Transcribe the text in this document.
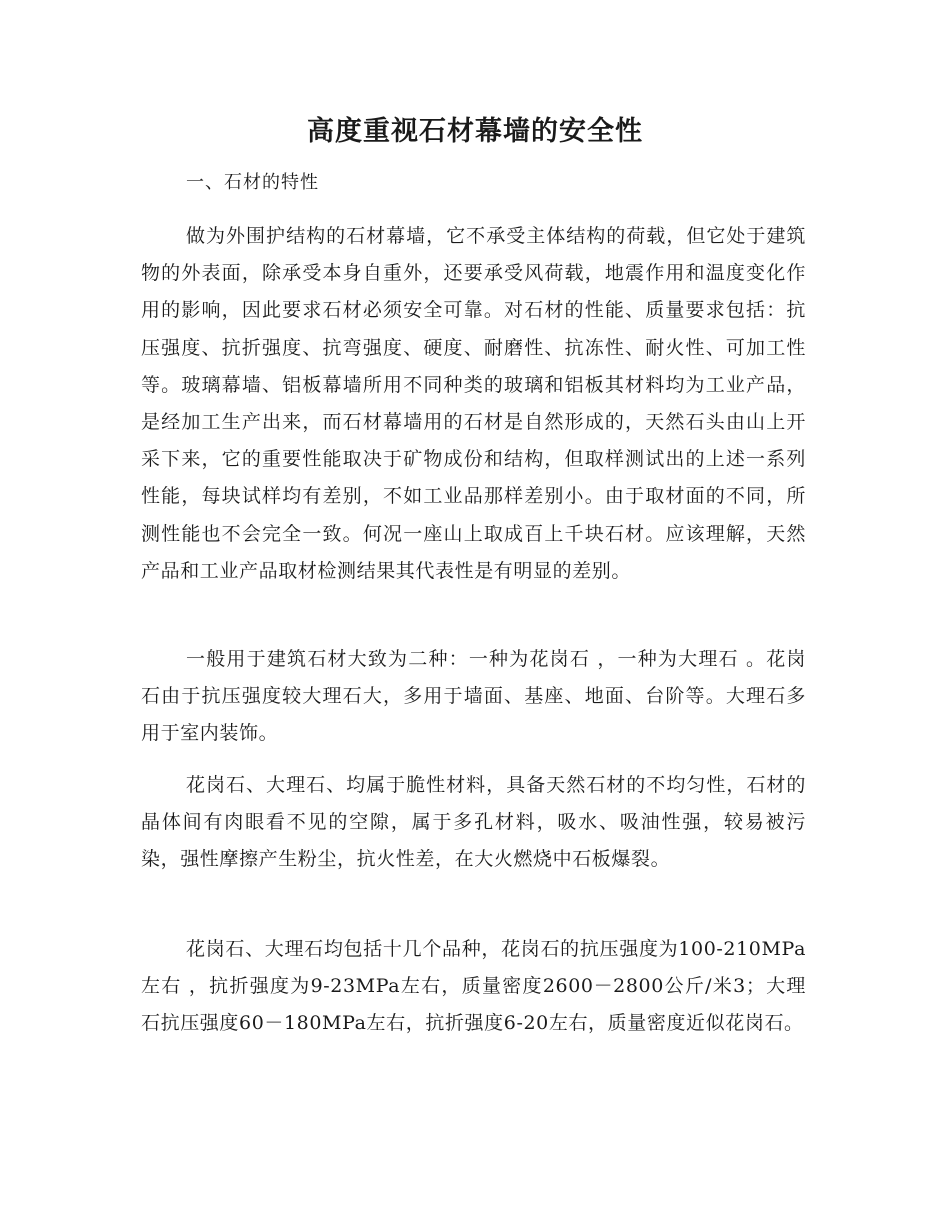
高度重视石材幕墙的安全性

一、石材的特性

做为外围护结构的石材幕墙，它不承受主体结构的荷载，但它处于建筑物的外表面，除承受本身自重外，还要承受风荷载，地震作用和温度变化作用的影响，因此要求石材必须安全可靠。对石材的性能、质量要求包括：抗压强度、抗折强度、抗弯强度、硬度、耐磨性、抗冻性、耐火性、可加工性等。玻璃幕墙、铝板幕墙所用不同种类的玻璃和铝板其材料均为工业产品，是经加工生产出来，而石材幕墙用的石材是自然形成的，天然石头由山上开采下来，它的重要性能取决于矿物成份和结构，但取样测试出的上述一系列性能，每块试样均有差别，不如工业品那样差别小。由于取材面的不同，所测性能也不会完全一致。何况一座山上取成百上千块石材。应该理解，天然产品和工业产品取材检测结果其代表性是有明显的差别。

一般用于建筑石材大致为二种：一种为花岗石 ，一种为大理石 。花岗石由于抗压强度较大理石大，多用于墙面、基座、地面、台阶等。大理石多用于室内装饰。

花岗石、大理石、均属于脆性材料，具备天然石材的不均匀性，石材的晶体间有肉眼看不见的空隙，属于多孔材料，吸水、吸油性强，较易被污染，强性摩擦产生粉尘，抗火性差，在大火燃烧中石板爆裂。

花岗石、大理石均包括十几个品种，花岗石的抗压强度为100-210MPa左右 ，抗折强度为9-23MPa左右，质量密度2600－2800公斤/米3；大理石抗压强度60－180MPa左右，抗折强度6-20左右，质量密度近似花岗石。
